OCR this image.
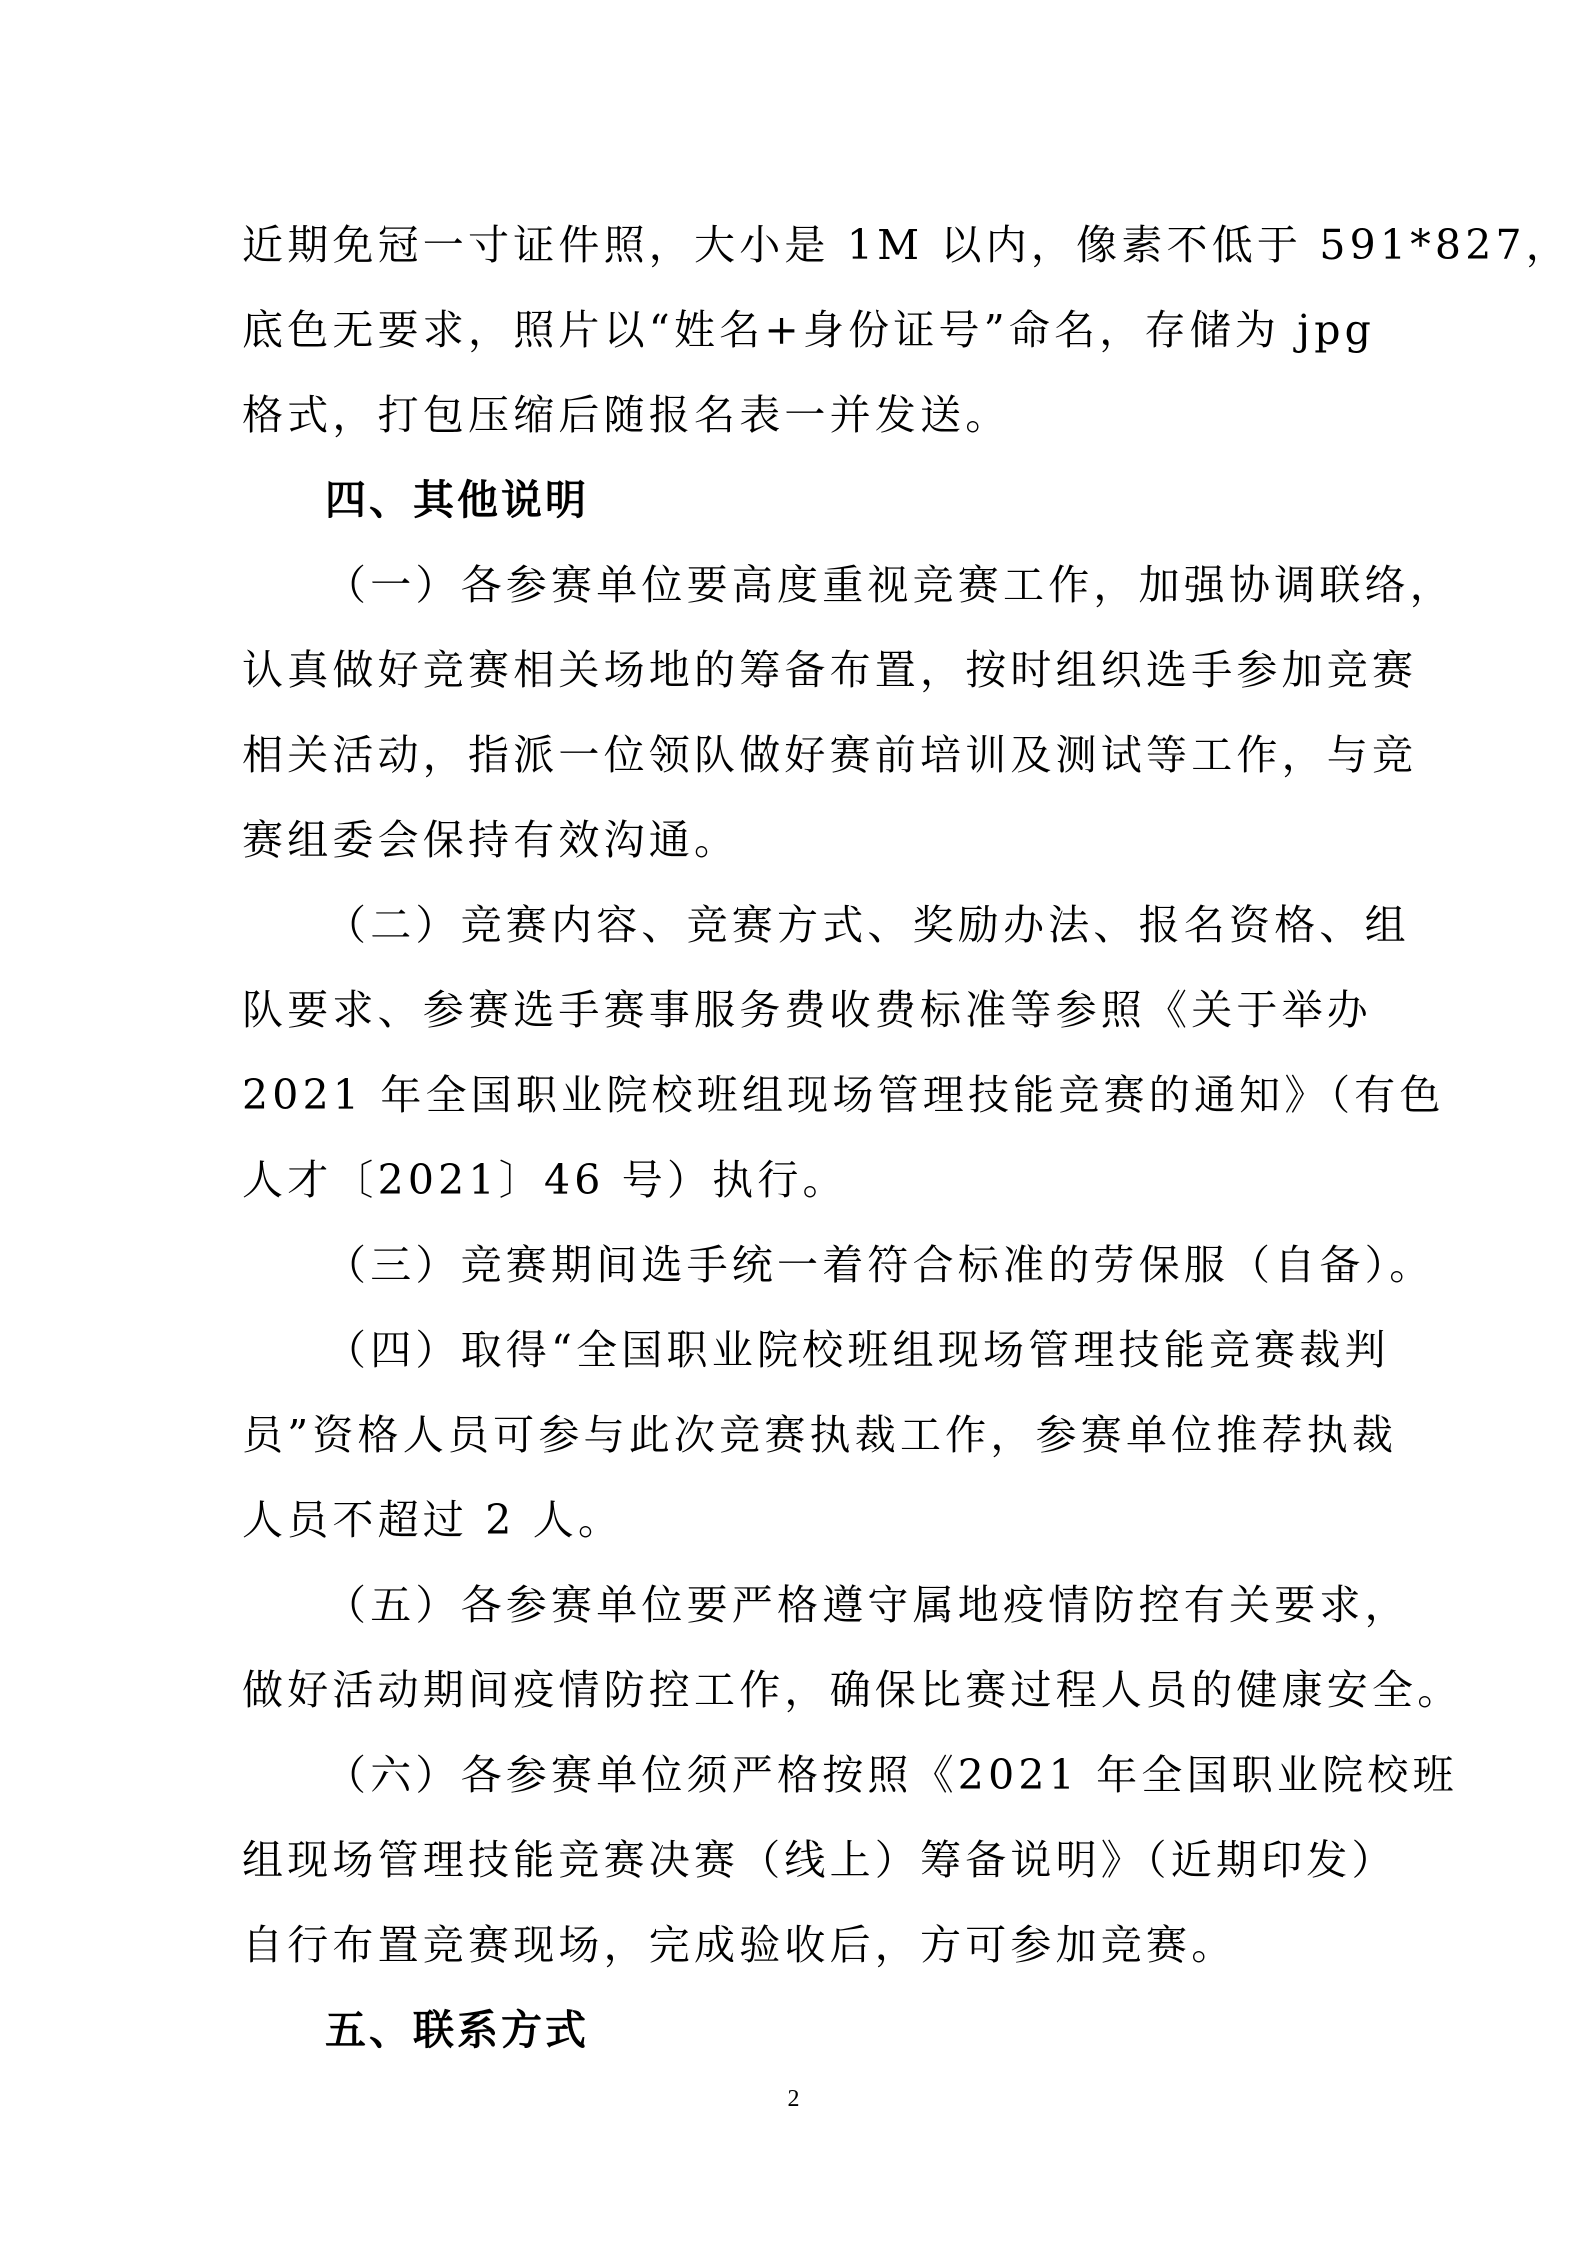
近期免冠一寸证件照，大小是 1M 以内，像素不低于 591*827，
底色无要求，照片以“姓名+身份证号”命名，存储为 jpg
格式，打包压缩后随报名表一并发送。
四、其他说明
（一）各参赛单位要高度重视竞赛工作，加强协调联络，
认真做好竞赛相关场地的筹备布置，按时组织选手参加竞赛
相关活动，指派一位领队做好赛前培训及测试等工作，与竞
赛组委会保持有效沟通。
（二）竞赛内容、竞赛方式、奖励办法、报名资格、组
队要求、参赛选手赛事服务费收费标准等参照《关于举办
2021 年全国职业院校班组现场管理技能竞赛的通知》（有色
人才〔2021〕46 号）执行。
（三）竞赛期间选手统一着符合标准的劳保服（自备）。
（四）取得“全国职业院校班组现场管理技能竞赛裁判
员”资格人员可参与此次竞赛执裁工作，参赛单位推荐执裁
人员不超过 2 人。
（五）各参赛单位要严格遵守属地疫情防控有关要求，
做好活动期间疫情防控工作，确保比赛过程人员的健康安全。
（六）各参赛单位须严格按照《2021 年全国职业院校班
组现场管理技能竞赛决赛（线上）筹备说明》（近期印发）
自行布置竞赛现场，完成验收后，方可参加竞赛。
五、联系方式
2
